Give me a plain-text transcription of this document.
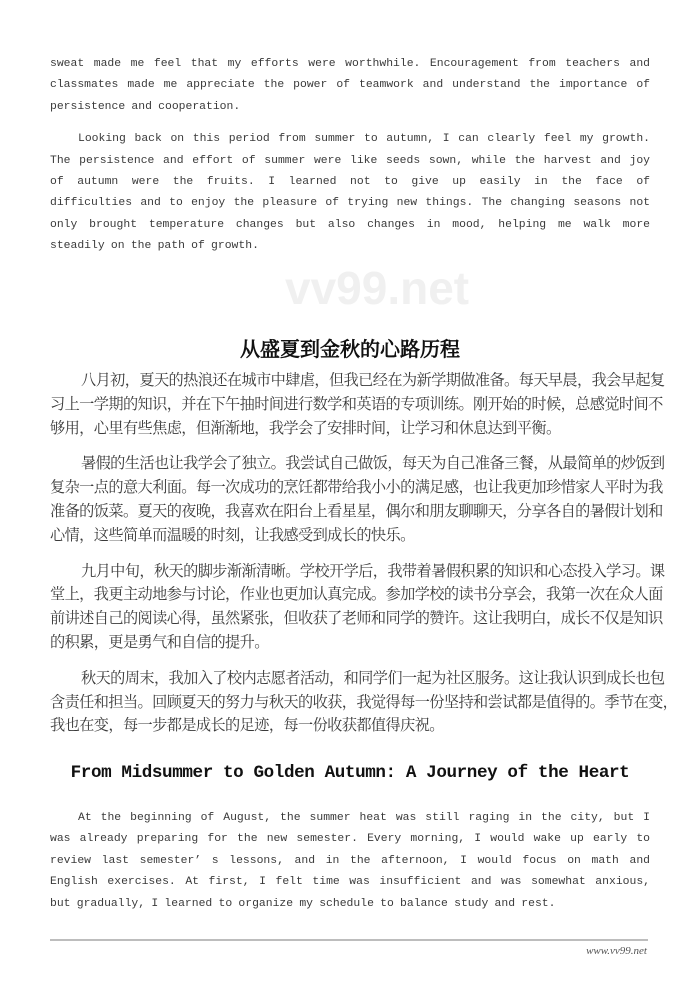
vv99.net
sweat made me feel that my efforts were worthwhile. Encouragement from teachers and
classmates made me appreciate the power of teamwork and understand the importance of
persistence and cooperation.
Looking back on this period from summer to autumn, I can clearly feel my growth.
The persistence and effort of summer were like seeds sown, while the harvest and joy
of autumn were the fruits. I learned not to give up easily in the face of
difficulties and to enjoy the pleasure of trying new things. The changing seasons not
only brought temperature changes but also changes in mood, helping me walk more
steadily on the path of growth.
从盛夏到金秋的心路历程
八月初，夏天的热浪还在城市中肆虐，但我已经在为新学期做准备。每天早晨，我会早起复
习上一学期的知识，并在下午抽时间进行数学和英语的专项训练。刚开始的时候，总感觉时间不
够用，心里有些焦虑，但渐渐地，我学会了安排时间，让学习和休息达到平衡。
暑假的生活也让我学会了独立。我尝试自己做饭，每天为自己准备三餐，从最简单的炒饭到
复杂一点的意大利面。每一次成功的烹饪都带给我小小的满足感，也让我更加珍惜家人平时为我
准备的饭菜。夏天的夜晚，我喜欢在阳台上看星星，偶尔和朋友聊聊天，分享各自的暑假计划和
心情，这些简单而温暖的时刻，让我感受到成长的快乐。
九月中旬，秋天的脚步渐渐清晰。学校开学后，我带着暑假积累的知识和心态投入学习。课
堂上，我更主动地参与讨论，作业也更加认真完成。参加学校的读书分享会，我第一次在众人面
前讲述自己的阅读心得，虽然紧张，但收获了老师和同学的赞许。这让我明白，成长不仅是知识
的积累，更是勇气和自信的提升。
秋天的周末，我加入了校内志愿者活动，和同学们一起为社区服务。这让我认识到成长也包
含责任和担当。回顾夏天的努力与秋天的收获，我觉得每一份坚持和尝试都是值得的。季节在变，
我也在变，每一步都是成长的足迹，每一份收获都值得庆祝。
From Midsummer to Golden Autumn: A Journey of the Heart
At the beginning of August, the summer heat was still raging in the city, but I
was already preparing for the new semester. Every morning, I would wake up early to
review last semester’ s lessons, and in the afternoon, I would focus on math and
English exercises. At first, I felt time was insufficient and was somewhat anxious,
but gradually, I learned to organize my schedule to balance study and rest.
www.vv99.net
